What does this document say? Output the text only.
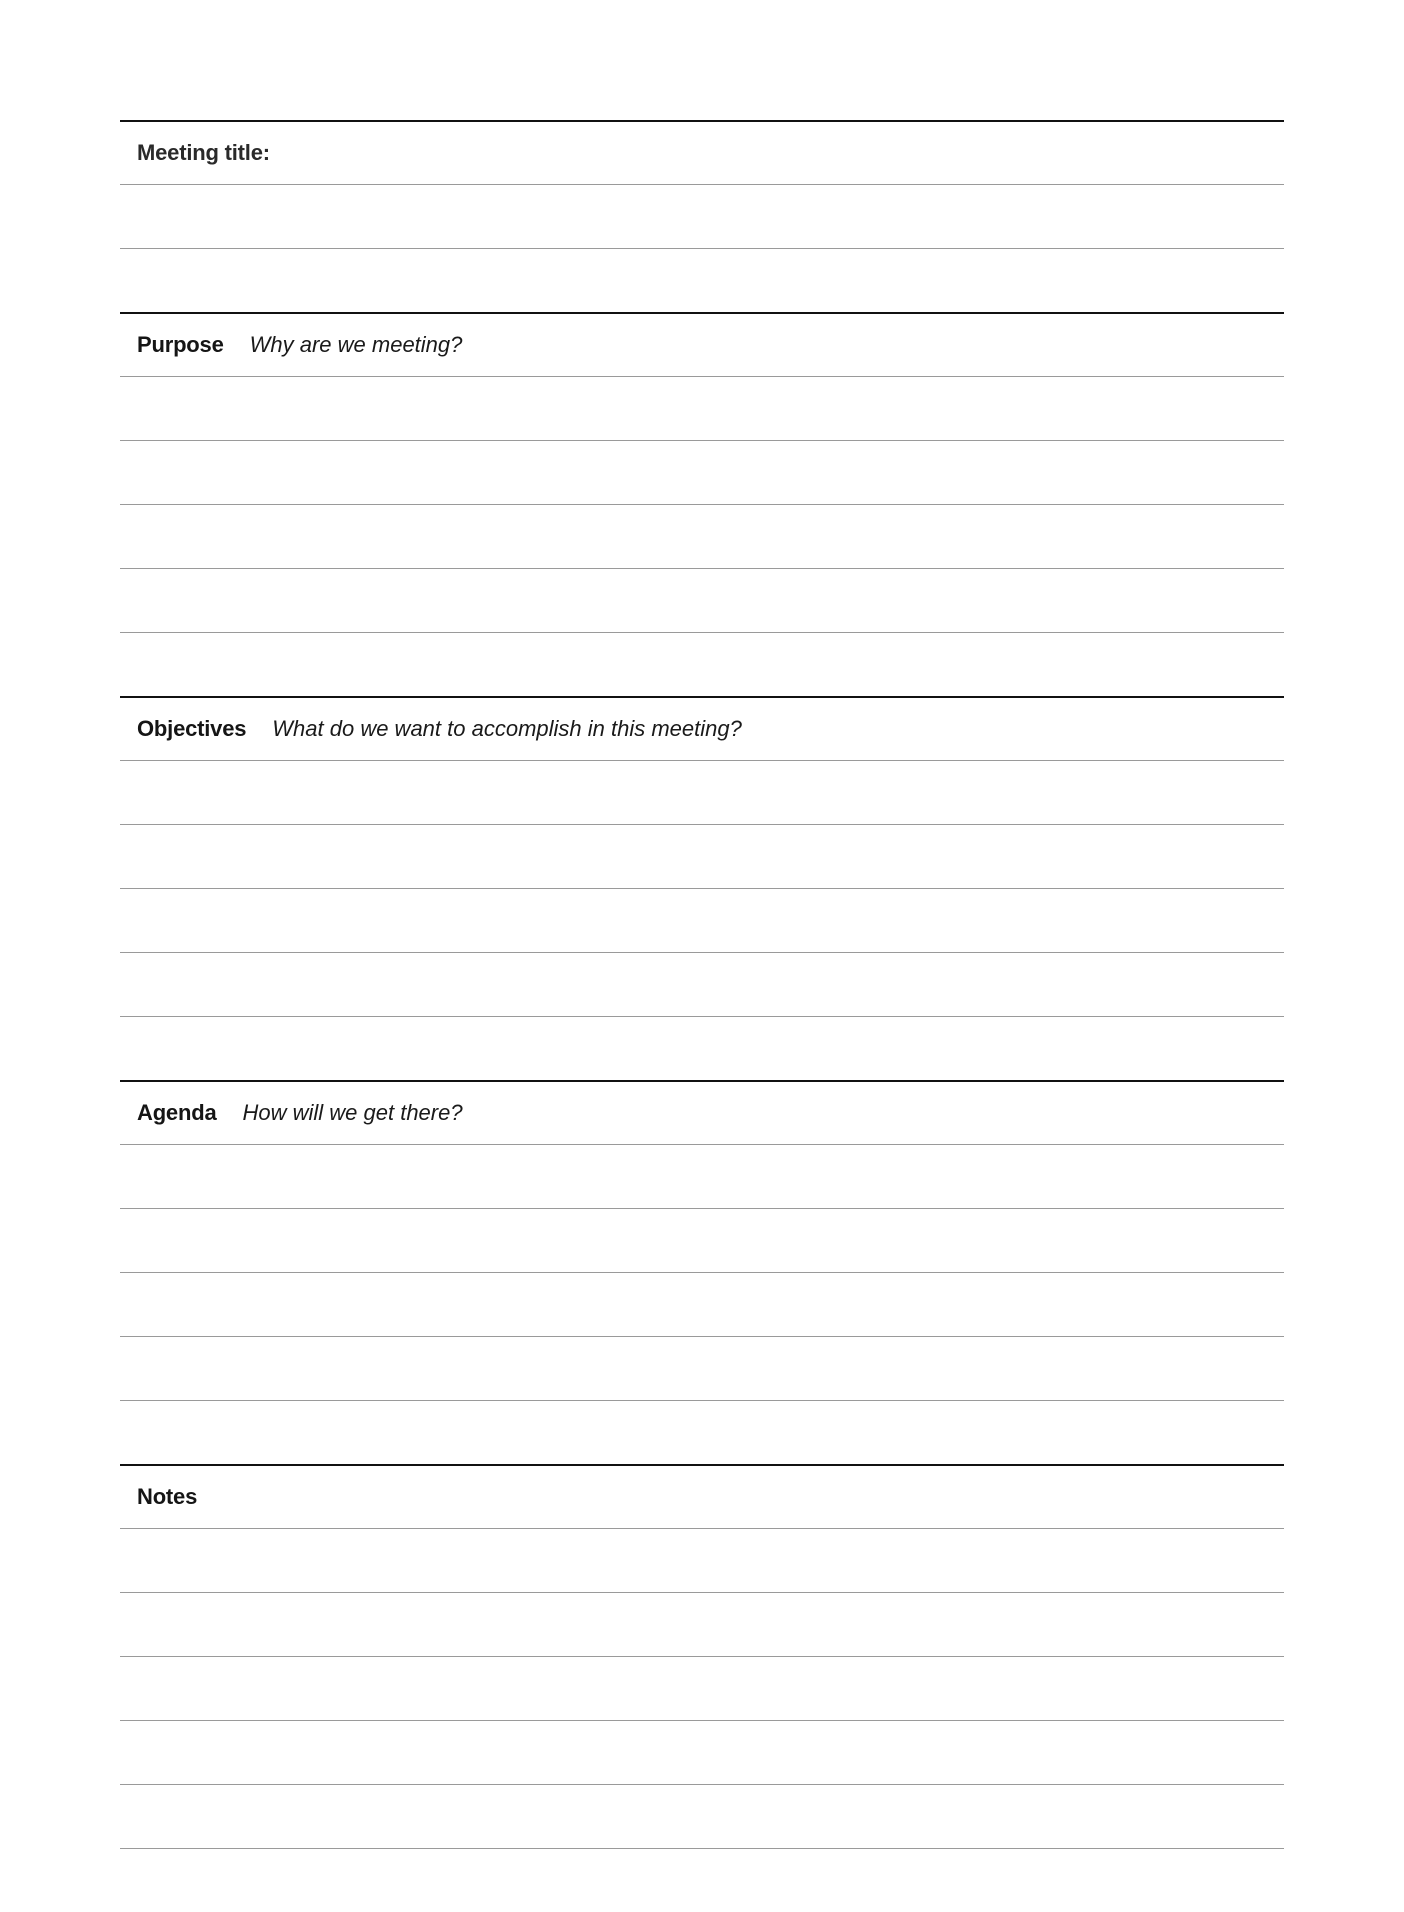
Meeting title:
Purpose Why are we meeting?
Objectives What do we want to accomplish in this meeting?
Agenda How will we get there?
Notes
